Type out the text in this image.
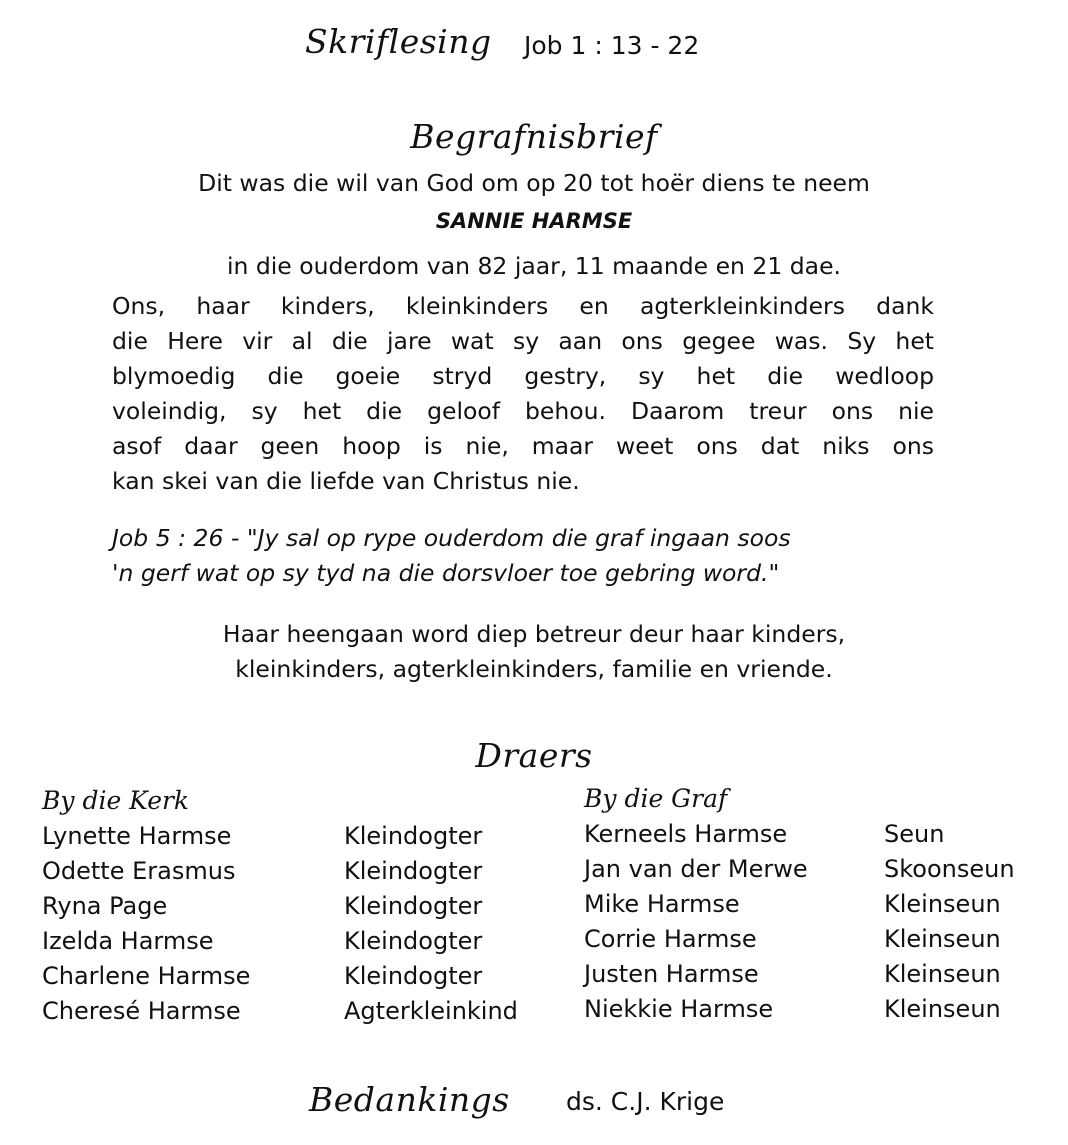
Skriflesing Job 1 : 13 - 22
Begrafnisbrief
Dit was die wil van God om op 20 tot hoër diens te neem
SANNIE HARMSE
in die ouderdom van 82 jaar, 11 maande en 21 dae.
Ons, haar kinders, kleinkinders en agterkleinkinders dank
die Here vir al die jare wat sy aan ons gegee was. Sy het
blymoedig die goeie stryd gestry, sy het die wedloop
voleindig, sy het die geloof behou. Daarom treur ons nie
asof daar geen hoop is nie, maar weet ons dat niks ons
kan skei van die liefde van Christus nie.
Job 5 : 26 - "Jy sal op rype ouderdom die graf ingaan soos
'n gerf wat op sy tyd na die dorsvloer toe gebring word."
Haar heengaan word diep betreur deur haar kinders,
kleinkinders, agterkleinkinders, familie en vriende.
Draers
By die Kerk	By die Graf
Lynette Harmse	Kleindogter
Odette Erasmus	Kleindogter
Ryna Page	Kleindogter
Izelda Harmse	Kleindogter
Charlene Harmse	Kleindogter
Cheresé Harmse	Agterkleinkind
Kerneels Harmse	Seun
Jan van der Merwe	Skoonseun
Mike Harmse	Kleinseun
Corrie Harmse	Kleinseun
Justen Harmse	Kleinseun
Niekkie Harmse	Kleinseun
Bedankings ds. C.J. Krige
